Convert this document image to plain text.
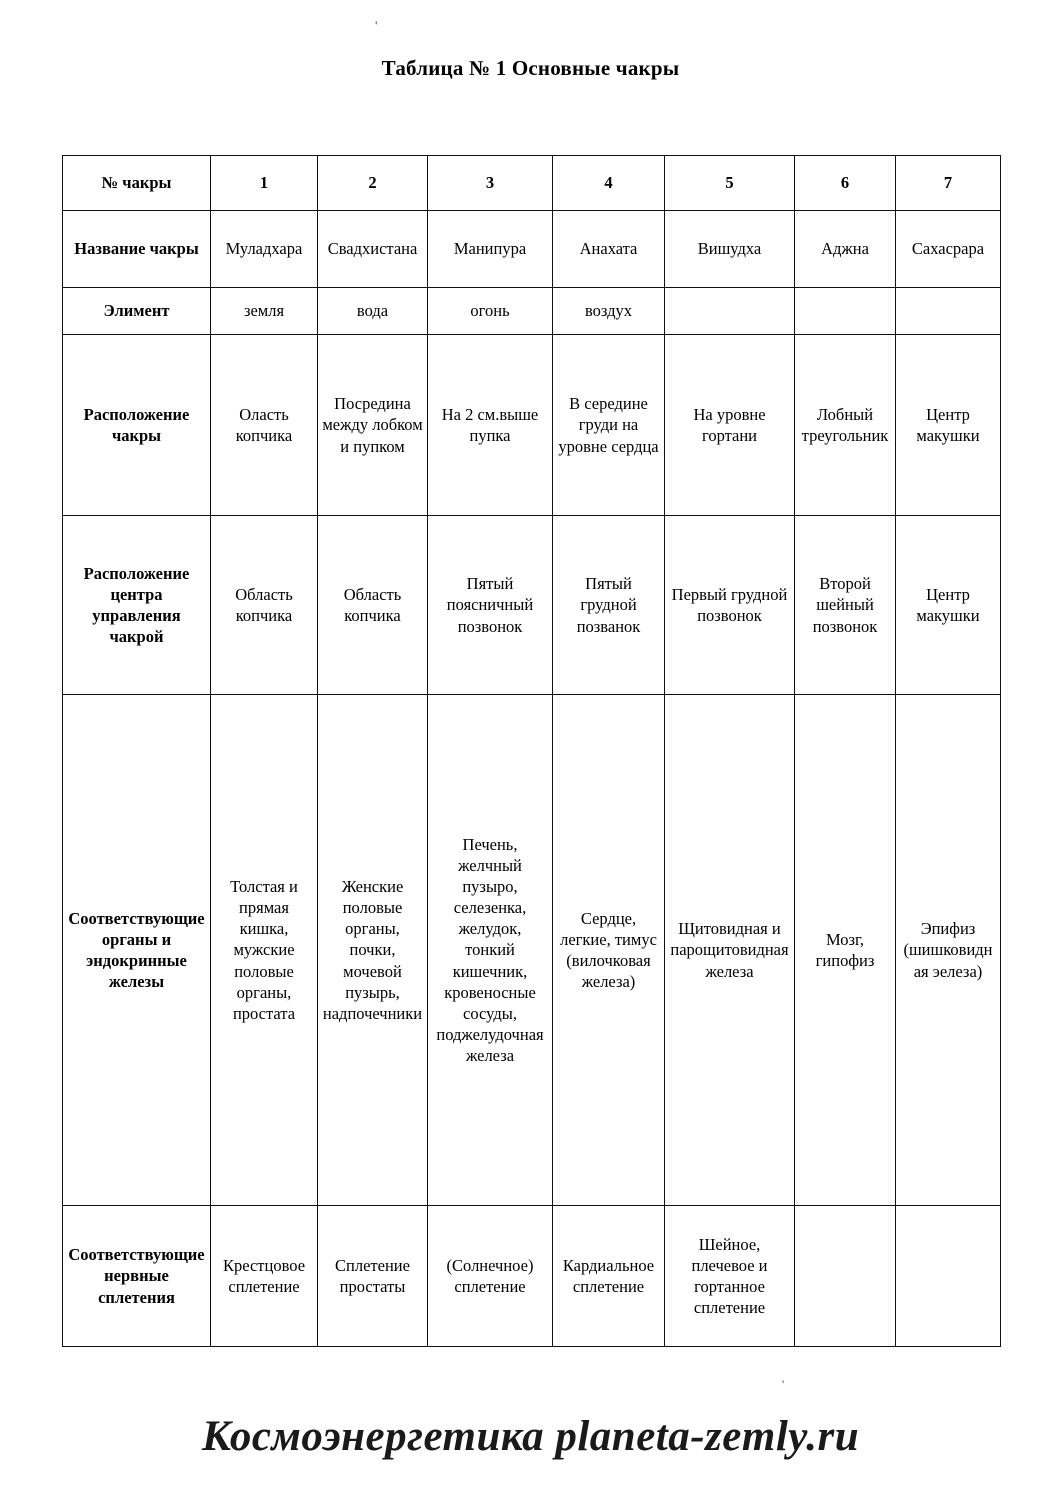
'
Таблица № 1 Основные чакры
№ чакры	1	2	3	4	5	6	7
Название чакры	Муладхара	Свадхистана	Манипура	Анахата	Вишудха	Аджна	Сахасрара
Элимент	земля	вода	огонь	воздух			
Расположение чакры	Оласть копчика	Посредина между лобком и пупком	На 2 см.выше пупка	В середине груди на уровне сердца	На уровне гортани	Лобный треугольник	Центр макушки
Расположение центра управления чакрой	Область копчика	Область копчика	Пятый поясничный позвонок	Пятый грудной позванок	Первый грудной позвонок	Второй шейный позвонок	Центр макушки
Соответствующие органы и эндокринные железы	Толстая и прямая кишка, мужские половые органы, простата	Женские половые органы, почки, мочевой пузырь, надпочечники	Печень, желчный пузыро, селезенка, желудок, тонкий кишечник, кровеносные сосуды, поджелудочная железа	Сердце, легкие, тимус (вилочковая железа)	Щитовидная и парощитовидная железа	Мозг, гипофиз	Эпифиз (шишковидная эелеза)
Соответствующие нервные сплетения	Крестцовое сплетение	Сплетение простаты	(Солнечное) сплетение	Кардиальное сплетение	Шейное, плечевое и гортанное сплетение		
'
Космоэнергетика planeta-zemly.ru
